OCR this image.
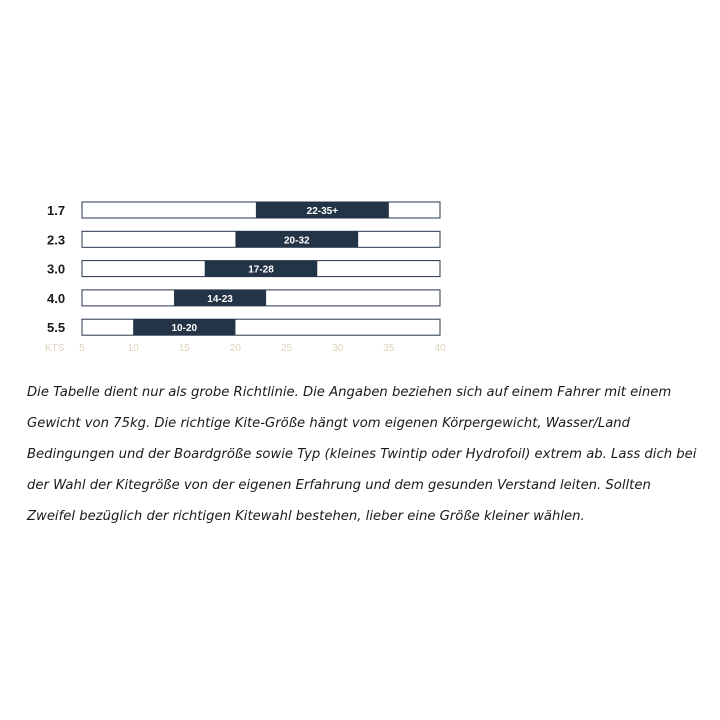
1.7	22-35+
2.3	20-32
3.0	17-28
4.0	14-23
5.5	10-20
KTS 5	10	15	20	25	30	35	40

Die Tabelle dient nur als grobe Richtlinie. Die Angaben beziehen sich auf einem Fahrer mit einem Gewicht von 75kg. Die richtige Kite-Größe hängt vom eigenen Körpergewicht, Wasser/Land Bedingungen und der Boardgröße sowie Typ (kleines Twintip oder Hydrofoil) extrem ab. Lass dich bei der Wahl der Kitegröße von der eigenen Erfahrung und dem gesunden Verstand leiten. Sollten Zweifel bezüglich der richtigen Kitewahl bestehen, lieber eine Größe kleiner wählen.
